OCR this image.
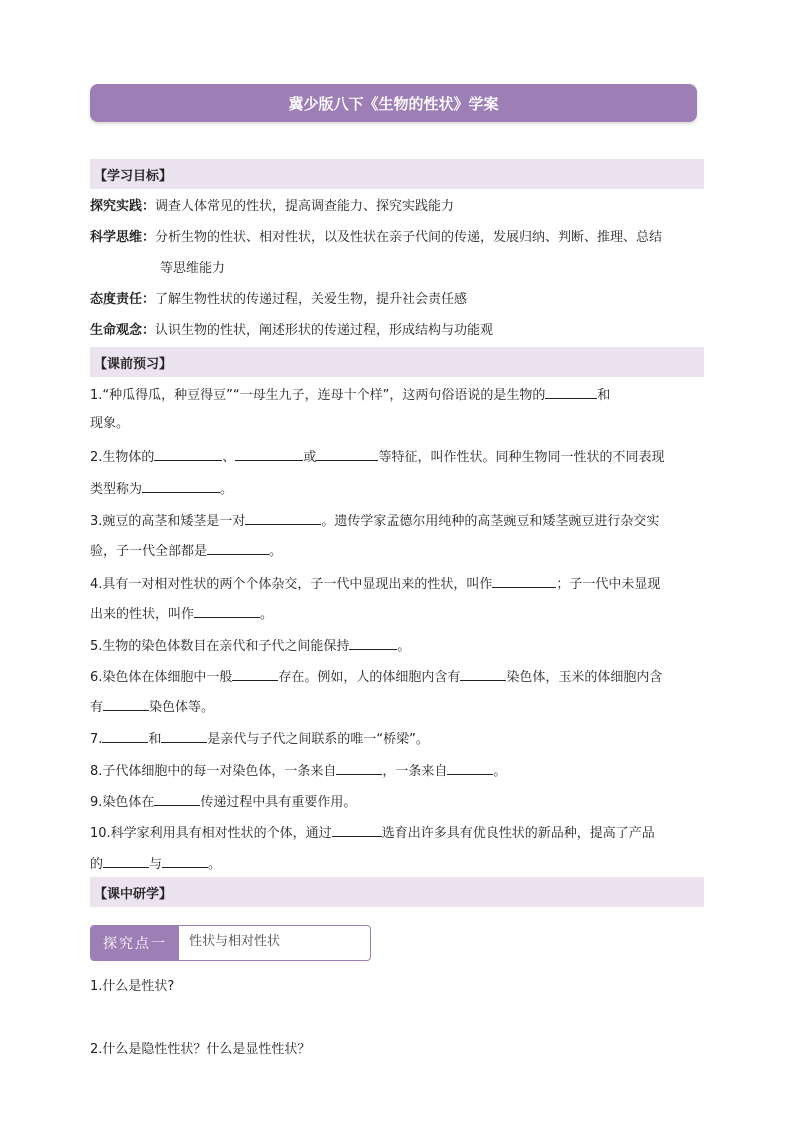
冀少版八下《生物的性状》学案
【学习目标】
探究实践：调查人体常见的性状，提高调查能力、探究实践能力
科学思维：分析生物的性状、相对性状，以及性状在亲子代间的传递，发展归纳、判断、推理、总结
等思维能力
态度责任：了解生物性状的传递过程，关爱生物，提升社会责任感
生命观念：认识生物的性状，阐述形状的传递过程，形成结构与功能观
【课前预习】
1.“种瓜得瓜，种豆得豆”“一母生九子，连母十个样”，这两句俗语说的是生物的	和
现象。
2.生物体的	、	或	等特征，叫作性状。同种生物同一性状的不同表现
类型称为	。
3.豌豆的高茎和矮茎是一对	。遗传学家孟德尔用纯种的高茎豌豆和矮茎豌豆进行杂交实
验，子一代全部都是	。
4.具有一对相对性状的两个个体杂交，子一代中显现出来的性状，叫作	；子一代中未显现
出来的性状，叫作	。
5.生物的染色体数目在亲代和子代之间能保持	。
6.染色体在体细胞中一般	存在。例如，人的体细胞内含有	染色体，玉米的体细胞内含
有	染色体等。
7.	和	是亲代与子代之间联系的唯一“桥梁”。
8.子代体细胞中的每一对染色体，一条来自	，一条来自	。
9.染色体在	传递过程中具有重要作用。
10.科学家利用具有相对性状的个体，通过	选育出许多具有优良性状的新品种，提高了产品
的	与	。
【课中研学】
探究点一	性状与相对性状
1.什么是性状?
2.什么是隐性性状？什么是显性性状？
